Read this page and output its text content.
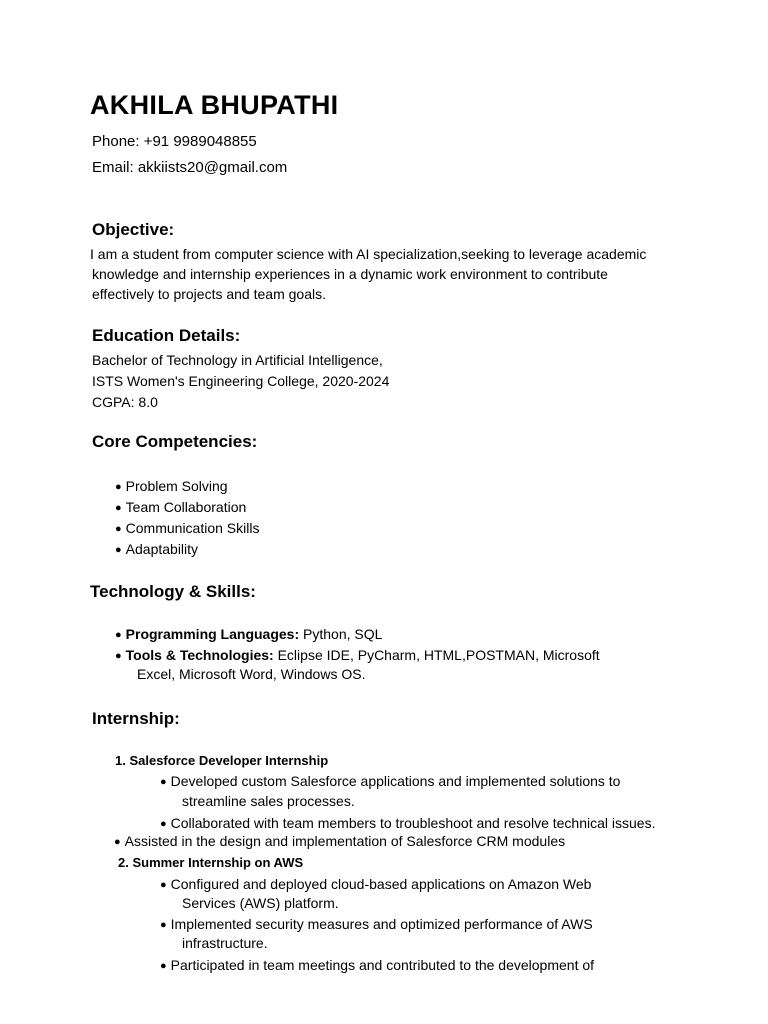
AKHILA BHUPATHI
Phone: +91 9989048855
Email: akkiists20@gmail.com
Objective:
I am a student from computer science with AI specialization,seeking to leverage academic
knowledge and internship experiences in a dynamic work environment to contribute
effectively to projects and team goals.
Education Details:
Bachelor of Technology in Artificial Intelligence,
ISTS Women's Engineering College, 2020-2024
CGPA: 8.0
Core Competencies:
● Problem Solving
● Team Collaboration
● Communication Skills
● Adaptability
Technology & Skills:
● Programming Languages: Python, SQL
● Tools & Technologies: Eclipse IDE, PyCharm, HTML,POSTMAN, Microsoft
Excel, Microsoft Word, Windows OS.
Internship:
1. Salesforce Developer Internship
● Developed custom Salesforce applications and implemented solutions to
streamline sales processes.
● Collaborated with team members to troubleshoot and resolve technical issues.
● Assisted in the design and implementation of Salesforce CRM modules
2. Summer Internship on AWS
● Configured and deployed cloud-based applications on Amazon Web
Services (AWS) platform.
● Implemented security measures and optimized performance of AWS
infrastructure.
● Participated in team meetings and contributed to the development of
